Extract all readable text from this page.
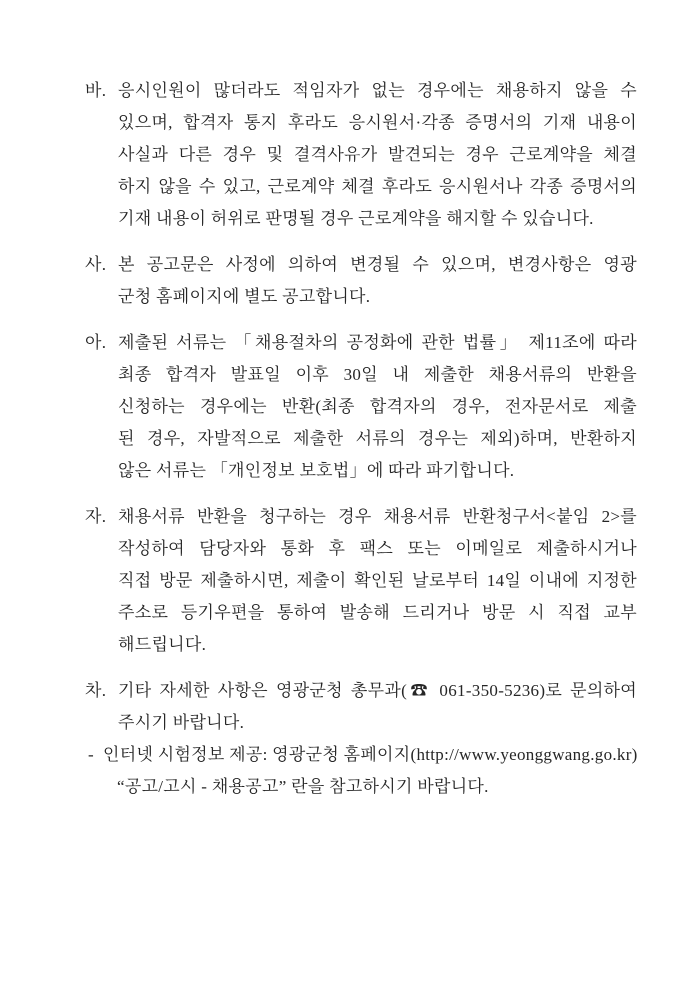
바. 응시인원이 많더라도 적임자가 없는 경우에는 채용하지 않을 수
있으며, 합격자 통지 후라도 응시원서·각종 증명서의 기재 내용이
사실과 다른 경우 및 결격사유가 발견되는 경우 근로계약을 체결
하지 않을 수 있고, 근로계약 체결 후라도 응시원서나 각종 증명서의
기재 내용이 허위로 판명될 경우 근로계약을 해지할 수 있습니다.
사. 본 공고문은 사정에 의하여 변경될 수 있으며, 변경사항은 영광
군청 홈페이지에 별도 공고합니다.
아. 제출된 서류는 「채용절차의 공정화에 관한 법률」 제11조에 따라
최종 합격자 발표일 이후 30일 내 제출한 채용서류의 반환을
신청하는 경우에는 반환(최종 합격자의 경우, 전자문서로 제출
된 경우, 자발적으로 제출한 서류의 경우는 제외)하며, 반환하지
않은 서류는 「개인정보 보호법」에 따라 파기합니다.
자. 채용서류 반환을 청구하는 경우 채용서류 반환청구서<붙임 2>를
작성하여 담당자와 통화 후 팩스 또는 이메일로 제출하시거나
직접 방문 제출하시면, 제출이 확인된 날로부터 14일 이내에 지정한
주소로 등기우편을 통하여 발송해 드리거나 방문 시 직접 교부
해드립니다.
차. 기타 자세한 사항은 영광군청 총무과(☎ 061-350-5236)로 문의하여
주시기 바랍니다.
- 인터넷 시험정보 제공: 영광군청 홈페이지(http://www.yeonggwang.go.kr)
“공고/고시 - 채용공고” 란을 참고하시기 바랍니다.
